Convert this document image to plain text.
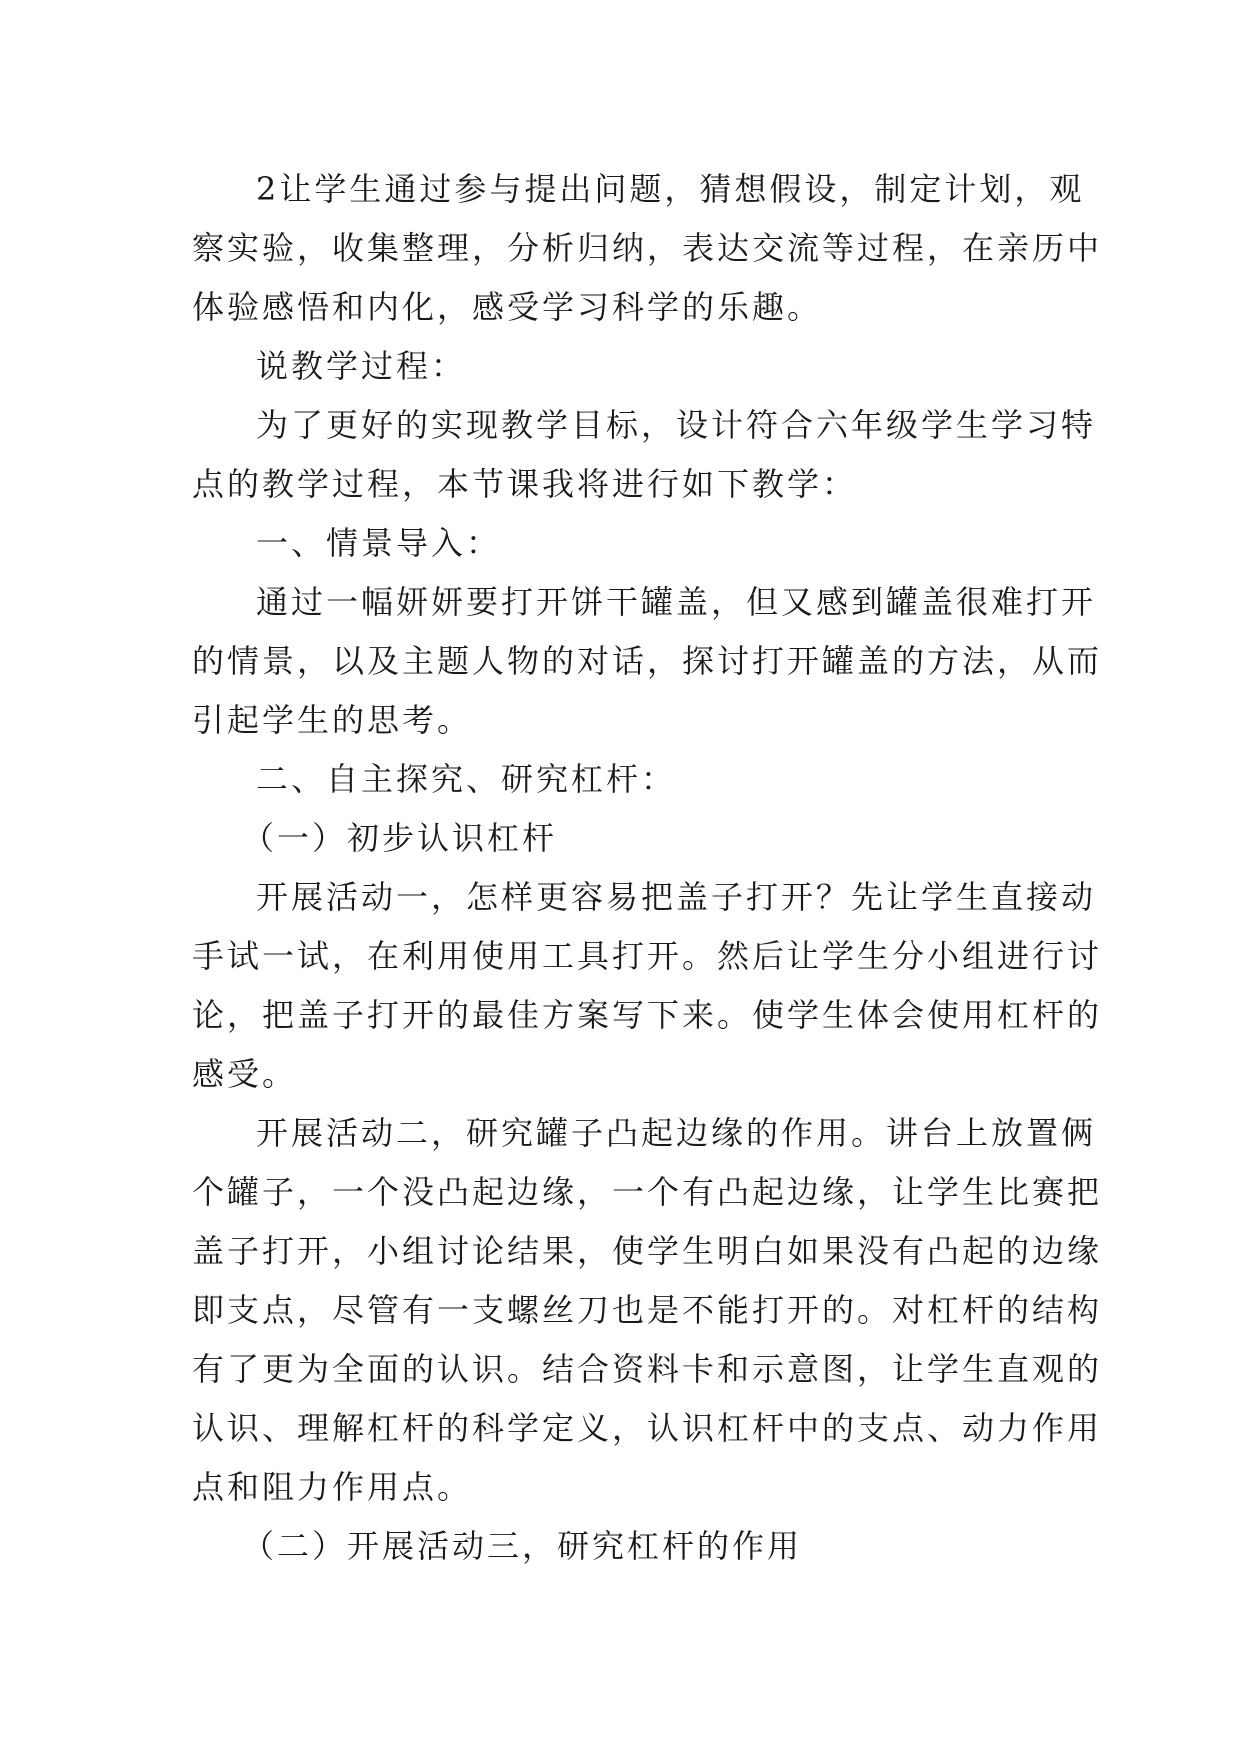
2让学生通过参与提出问题，猜想假设，制定计划，观
察实验，收集整理，分析归纳，表达交流等过程，在亲历中
体验感悟和内化，感受学习科学的乐趣。

说教学过程：

为了更好的实现教学目标，设计符合六年级学生学习特
点的教学过程，本节课我将进行如下教学：

一、情景导入：

通过一幅妍妍要打开饼干罐盖，但又感到罐盖很难打开
的情景，以及主题人物的对话，探讨打开罐盖的方法，从而
引起学生的思考。

二、自主探究、研究杠杆：

（一）初步认识杠杆

开展活动一，怎样更容易把盖子打开？先让学生直接动
手试一试，在利用使用工具打开。然后让学生分小组进行讨
论，把盖子打开的最佳方案写下来。使学生体会使用杠杆的
感受。

开展活动二，研究罐子凸起边缘的作用。讲台上放置俩
个罐子，一个没凸起边缘，一个有凸起边缘，让学生比赛把
盖子打开，小组讨论结果，使学生明白如果没有凸起的边缘
即支点，尽管有一支螺丝刀也是不能打开的。对杠杆的结构
有了更为全面的认识。结合资料卡和示意图，让学生直观的
认识、理解杠杆的科学定义，认识杠杆中的支点、动力作用
点和阻力作用点。

（二）开展活动三，研究杠杆的作用
